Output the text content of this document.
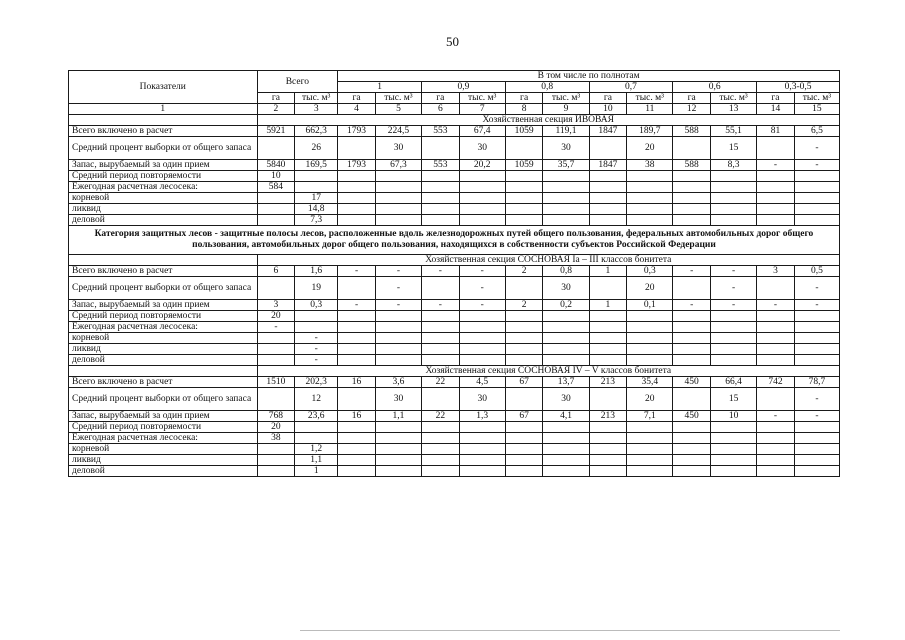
50
Показатели	Всего		В том числе по полнотам											
			1		0,9		0,8		0,7		0,6		0,3-0,5	
	га	тыс. м³	га	тыс. м³	га	тыс. м³	га	тыс. м³	га	тыс. м³	га	тыс. м³	га	тыс. м³
1	2	3	4	5	6	7	8	9	10	11	12	13	14	15
	Хозяйственная секция ИВОВАЯ													
Всего включено в расчет	5921	662,3	1793	224,5	553	67,4	1059	119,1	1847	189,7	588	55,1	81	6,5
Средний процент выборки от общего запаса		26		30		30		30		20		15		-
Запас, вырубаемый за один прием	5840	169,5	1793	67,3	553	20,2	1059	35,7	1847	38	588	8,3	-	-
Средний период повторяемости	10													
Ежегодная расчетная лесосека:	584													
корневой		17												
ликвид		14,8												
деловой		7,3												
Категория защитных лесов - защитные полосы лесов, расположенные вдоль железнодорожных путей общего пользования, федеральных автомобильных дорог общего пользования, автомобильных дорог общего пользования, находящихся в собственности субъектов Российской Федерации														
	Хозяйственная секция СОСНОВАЯ Iа – III классов бонитета													
Всего включено в расчет	6	1,6	-	-	-	-	2	0,8	1	0,3	-	-	3	0,5
Средний процент выборки от общего запаса		19		-		-		30		20		-		-
Запас, вырубаемый за один прием	3	0,3	-	-	-	-	2	0,2	1	0,1	-	-	-	-
Средний период повторяемости	20													
Ежегодная расчетная лесосека:	-													
корневой		-												
ликвид		-												
деловой		-												
	Хозяйственная секция СОСНОВАЯ IV – V классов бонитета													
Всего включено в расчет	1510	202,3	16	3,6	22	4,5	67	13,7	213	35,4	450	66,4	742	78,7
Средний процент выборки от общего запаса		12		30		30		30		20		15		-
Запас, вырубаемый за один прием	768	23,6	16	1,1	22	1,3	67	4,1	213	7,1	450	10	-	-
Средний период повторяемости	20													
Ежегодная расчетная лесосека:	38													
корневой		1,2												
ликвид		1,1												
деловой		1												
